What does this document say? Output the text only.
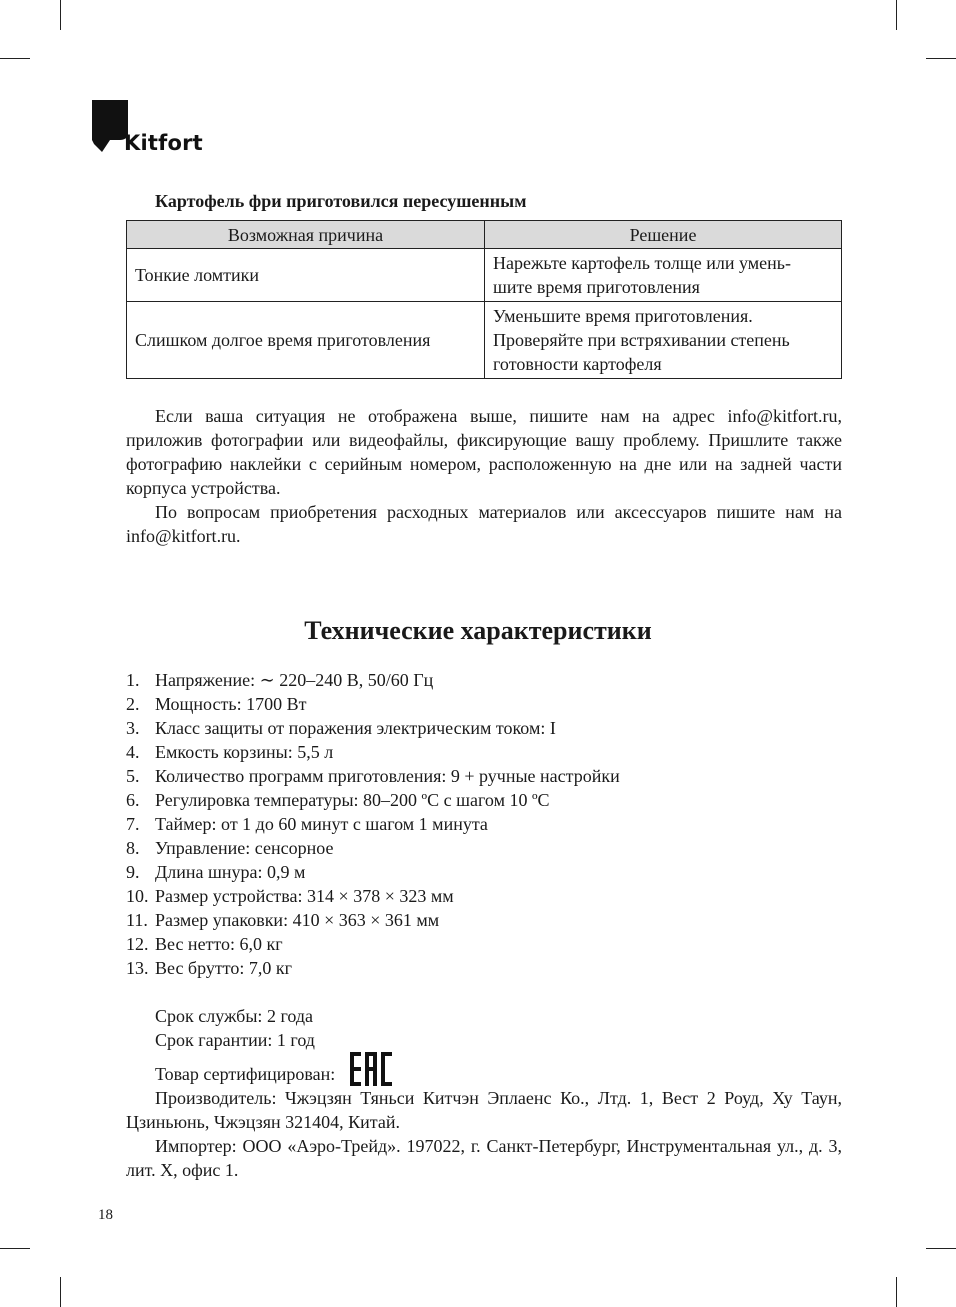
Kitfort
Картофель фри приготовился пересушенным
Возможная причина	Решение
Тонкие ломтики	Нарежьте картофель толще или умень-
шите время приготовления

Слишком долгое время приготовления	Уменьшите время приготовления.
Проверяйте при встряхивании степень
готовности картофеля

Если ваша ситуация не отображена выше, пишите нам на адрес info@kitfort.ru, приложив фотографии или видеофайлы, фиксирующие вашу проблему. Пришлите также фотографию наклейки с серийным номером, расположенную на дне или на задней части корпуса устройства.

По вопросам приобретения расходных материалов или аксессуаров пишите нам на info@kitfort.ru.

Технические характеристики
1. Напряжение: ∼ 220–240 В, 50/60 Гц
2. Мощность: 1700 Вт
3. Класс защиты от поражения электрическим током: I
4. Емкость корзины: 5,5 л
5. Количество программ приготовления: 9 + ручные настройки
6. Регулировка температуры: 80–200 ºС с шагом 10 ºС
7. Таймер: от 1 до 60 минут с шагом 1 минута
8. Управление: сенсорное
9. Длина шнура: 0,9 м
10. Размер устройства: 314 × 378 × 323 мм
11. Размер упаковки: 410 × 363 × 361 мм
12. Вес нетто: 6,0 кг
13. Вес брутто: 7,0 кг
Срок службы: 2 года
Срок гарантии: 1 год
Товар сертифицирован:

Производитель: Чжэцзян Тяньси Китчэн Эплаенс Ко., Лтд. 1, Вест 2 Роуд, Ху Таун, Цзиньюнь, Чжэцзян 321404, Китай.

Импортер: ООО «Аэро-Трейд». 197022, г. Санкт-Петербург, Инструментальная ул., д. 3, лит. Х, офис 1.

18
